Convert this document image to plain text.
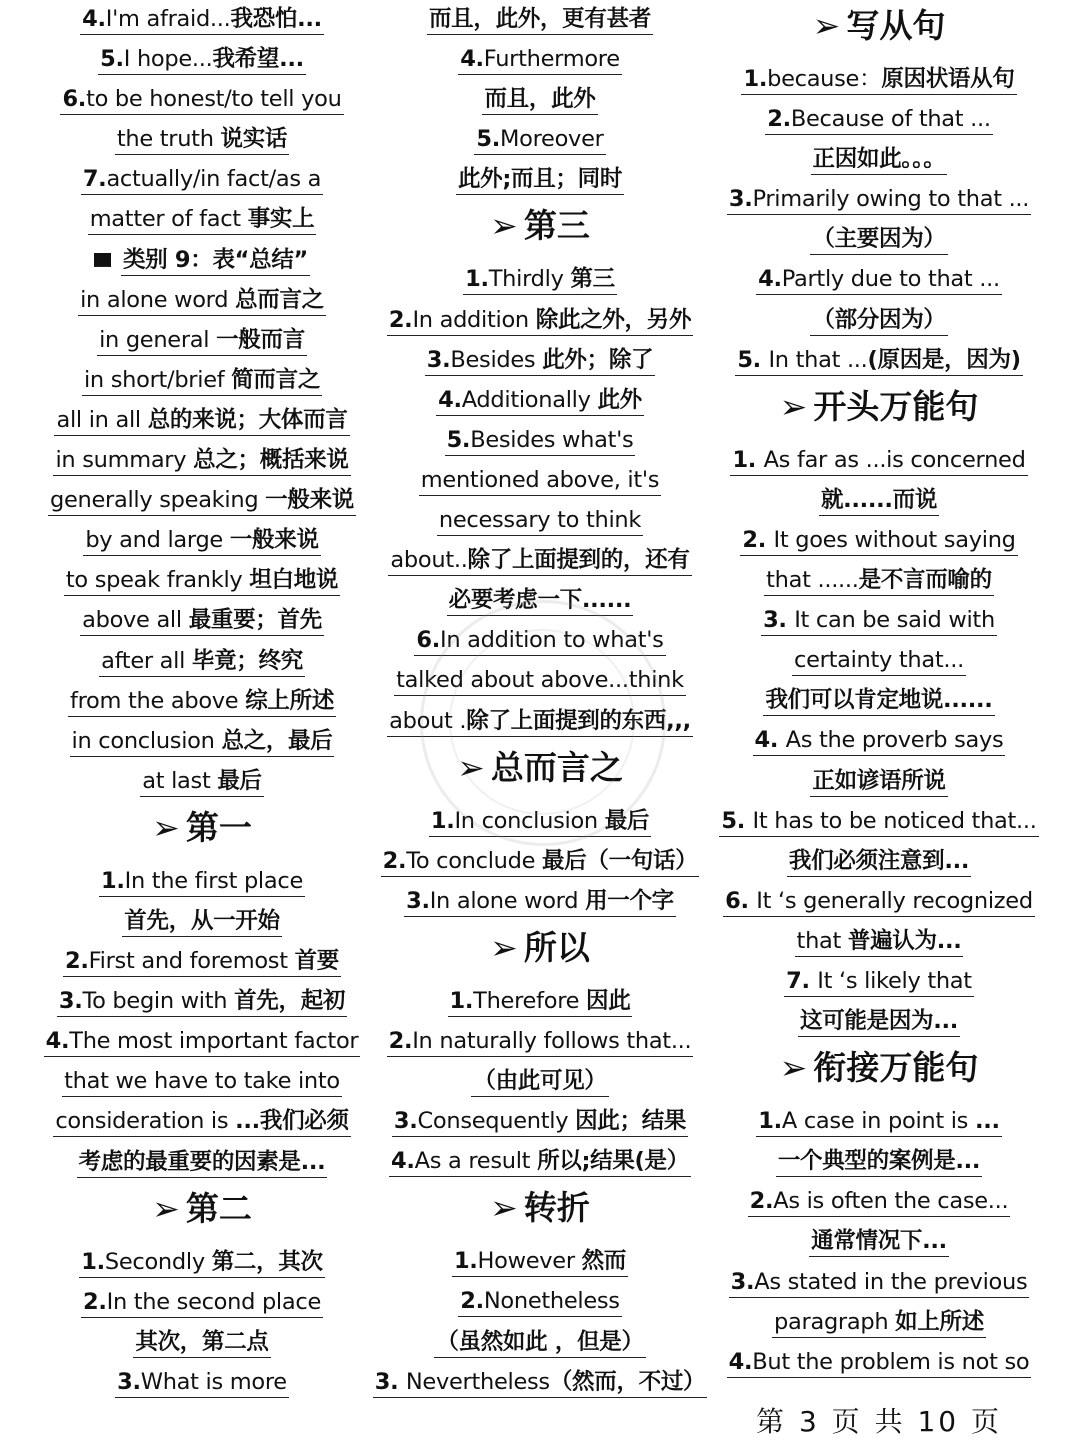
4.I'm afraid...我恐怕...
5.I hope...我希望...
6.to be honest/to tell you
the truth 说实话
7.actually/in fact/as a
matter of fact 事实上
类别 9：表“总结”
in alone word 总而言之
in general 一般而言
in short/brief 简而言之
all in all 总的来说；大体而言
in summary 总之；概括来说
generally speaking 一般来说
by and large 一般来说
to speak frankly 坦白地说
above all 最重要；首先
after all 毕竟；终究
from the above 综上所述
in conclusion 总之，最后
at last 最后
➢ 第一
1.In the first place
首先，从一开始
2.First and foremost 首要
3.To begin with 首先，起初
4.The most important factor
that we have to take into
consideration is ...我们必须
考虑的最重要的因素是...
➢ 第二
1.Secondly 第二，其次
2.In the second place
其次，第二点
3.What is more
而且，此外，更有甚者
4.Furthermore
而且，此外
5.Moreover
此外;而且；同时
➢ 第三
1.Thirdly 第三
2.In addition 除此之外，另外
3.Besides 此外；除了
4.Additionally 此外
5.Besides what's
mentioned above, it's
necessary to think
about..除了上面提到的，还有
必要考虑一下......
6.In addition to what's
talked about above...think
about .除了上面提到的东西,,,
➢ 总而言之
1.In conclusion 最后
2.To conclude 最后（一句话）
3.In alone word 用一个字
➢ 所以
1.Therefore 因此
2.In naturally follows that...
（由此可见）
3.Consequently 因此；结果
4.As a result 所以;结果(是）
➢ 转折
1.However 然而
2.Nonetheless
（虽然如此 ，但是）
3. Nevertheless（然而，不过）
➢ 写从句
1.because：原因状语从句
2.Because of that ...
正因如此。。。
3.Primarily owing to that ...
（主要因为）
4.Partly due to that ...
（部分因为）
5. In that ...(原因是，因为)
➢ 开头万能句
1. As far as ...is concerned
就......而说
2. It goes without saying
that ......是不言而喻的
3. It can be said with
certainty that...
我们可以肯定地说......
4. As the proverb says
正如谚语所说
5. It has to be noticed that...
我们必须注意到...
6. It ‘s generally recognized
that 普遍认为...
7. It ‘s likely that
这可能是因为...
➢ 衔接万能句
1.A case in point is ...
一个典型的案例是...
2.As is often the case...
通常情况下...
3.As stated in the previous
paragraph 如上所述
4.But the problem is not so
第 3 页 共 10 页
